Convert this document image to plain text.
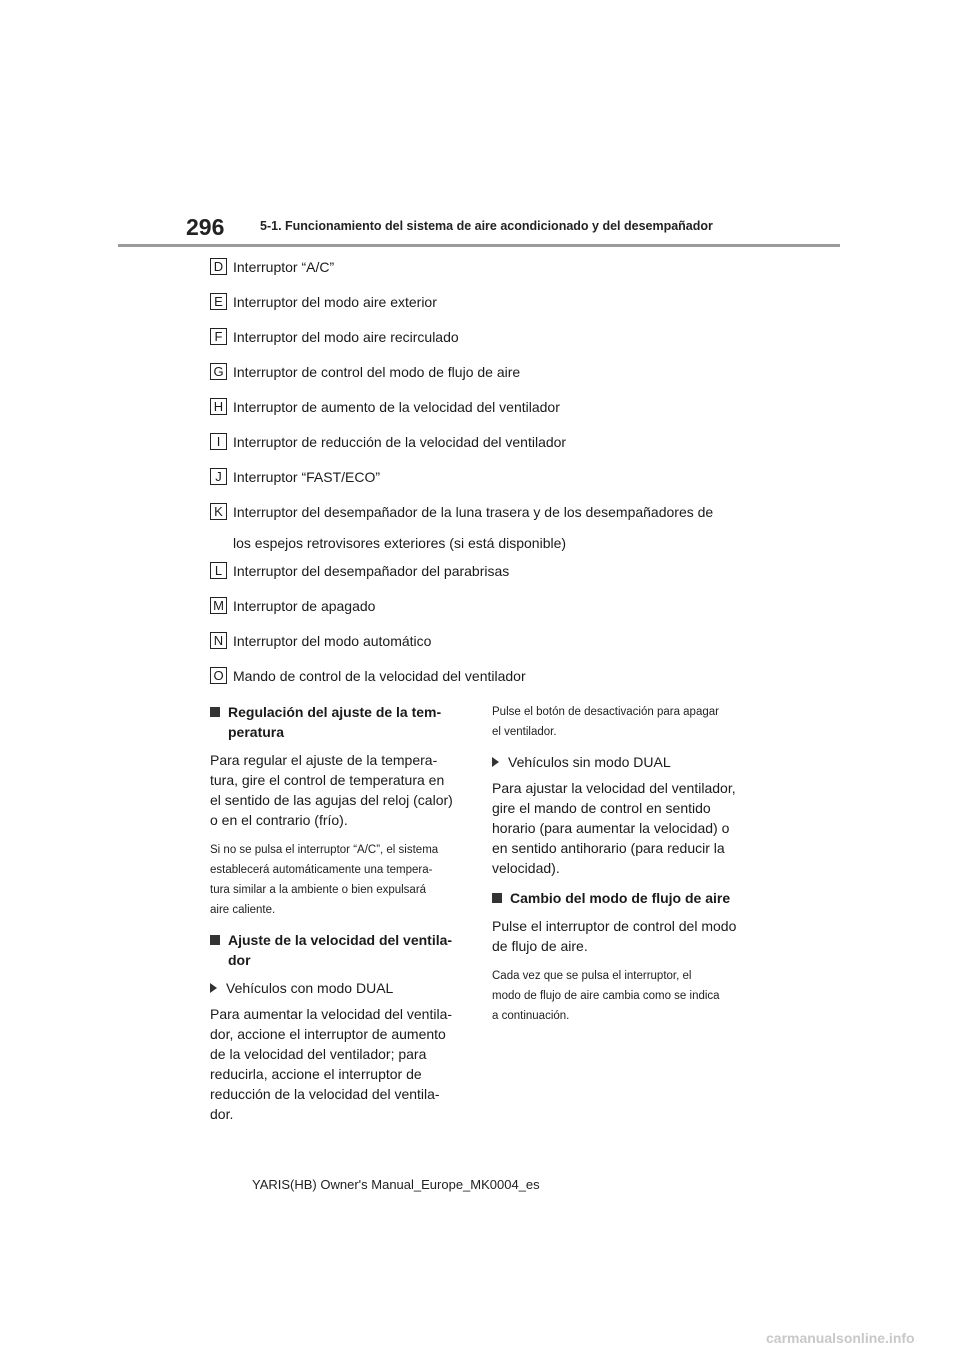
296	5-1. Funcionamiento del sistema de aire acondicionado y del desempañador
D Interruptor “A/C”
E Interruptor del modo aire exterior
F Interruptor del modo aire recirculado
G Interruptor de control del modo de flujo de aire
H Interruptor de aumento de la velocidad del ventilador
I Interruptor de reducción de la velocidad del ventilador
J Interruptor “FAST/ECO”
K Interruptor del desempañador de la luna trasera y de los desempañadores de
los espejos retrovisores exteriores (si está disponible)
L Interruptor del desempañador del parabrisas
M Interruptor de apagado
N Interruptor del modo automático
O Mando de control de la velocidad del ventilador
Regulación del ajuste de la tem-
peratura

Para regular el ajuste de la tempera-
tura, gire el control de temperatura en
el sentido de las agujas del reloj (calor)
o en el contrario (frío).

Si no se pulsa el interruptor “A/C”, el sistema
establecerá automáticamente una tempera-
tura similar a la ambiente o bien expulsará
aire caliente.

Ajuste de la velocidad del ventila-
dor
Vehículos con modo DUAL

Para aumentar la velocidad del ventila-
dor, accione el interruptor de aumento
de la velocidad del ventilador; para
reducirla, accione el interruptor de
reducción de la velocidad del ventila-
dor.

Pulse el botón de desactivación para apagar
el ventilador.

Vehículos sin modo DUAL

Para ajustar la velocidad del ventilador,
gire el mando de control en sentido
horario (para aumentar la velocidad) o
en sentido antihorario (para reducir la
velocidad).

Cambio del modo de flujo de aire

Pulse el interruptor de control del modo
de flujo de aire.

Cada vez que se pulsa el interruptor, el
modo de flujo de aire cambia como se indica
a continuación.

YARIS(HB) Owner's Manual_Europe_MK0004_es
carmanualsonline.info
